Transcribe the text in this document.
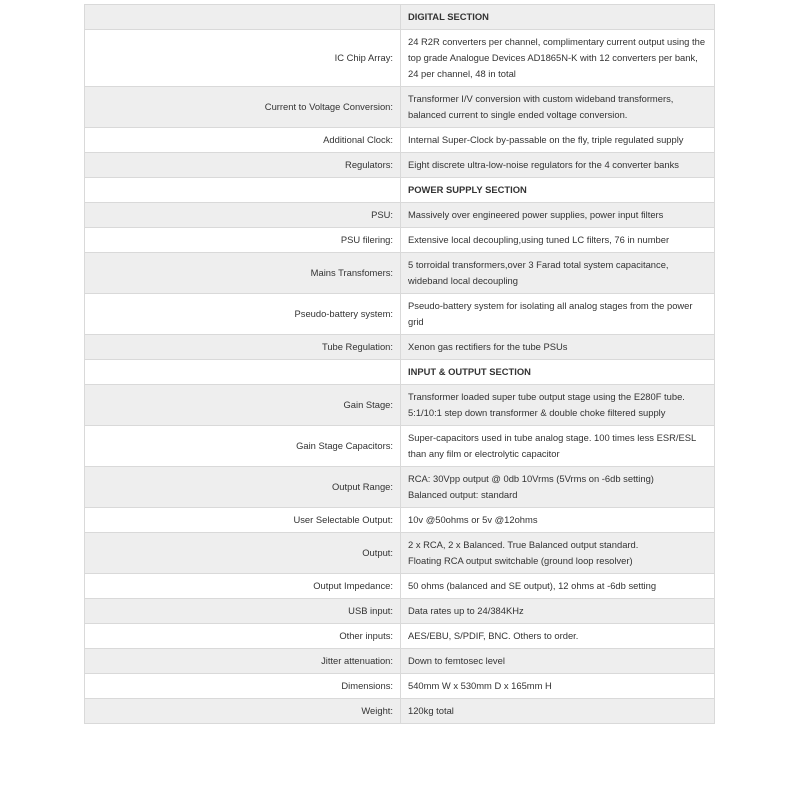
	DIGITAL SECTION
IC Chip Array:	24 R2R converters per channel, complimentary current output using the top grade Analogue Devices AD1865N-K with 12 converters per bank, 24 per channel, 48 in total
Current to Voltage Conversion:	Transformer I/V conversion with custom wideband transformers, balanced current to single ended voltage conversion.
Additional Clock:	Internal Super-Clock by-passable on the fly, triple regulated supply
Regulators:	Eight discrete ultra-low-noise regulators for the 4 converter banks
	POWER SUPPLY SECTION
PSU:	Massively over engineered power supplies, power input filters
PSU filering:	Extensive local decoupling,using tuned LC filters, 76 in number
Mains Transfomers:	5 torroidal transformers,over 3 Farad total system capacitance, wideband local decoupling
Pseudo-battery system:	Pseudo-battery system for isolating all analog stages from the power grid
Tube Regulation:	Xenon gas rectifiers for the tube PSUs
	INPUT & OUTPUT SECTION
Gain Stage:	Transformer loaded super tube output stage using the E280F tube. 5:1/10:1 step down transformer & double choke filtered supply
Gain Stage Capacitors:	Super-capacitors used in tube analog stage. 100 times less ESR/ESL than any film or electrolytic capacitor
Output Range:	RCA: 30Vpp output @ 0db 10Vrms (5Vrms on -6db setting)
Balanced output: standard
User Selectable Output:	10v @50ohms or 5v @12ohms
Output:	2 x RCA, 2 x Balanced. True Balanced output standard.
Floating RCA output switchable (ground loop resolver)
Output Impedance:	50 ohms (balanced and SE output), 12 ohms at -6db setting
USB input:	Data rates up to 24/384KHz
Other inputs:	AES/EBU, S/PDIF, BNC. Others to order.
Jitter attenuation:	Down to femtosec level
Dimensions:	540mm W x 530mm D x 165mm H
Weight:	120kg total
